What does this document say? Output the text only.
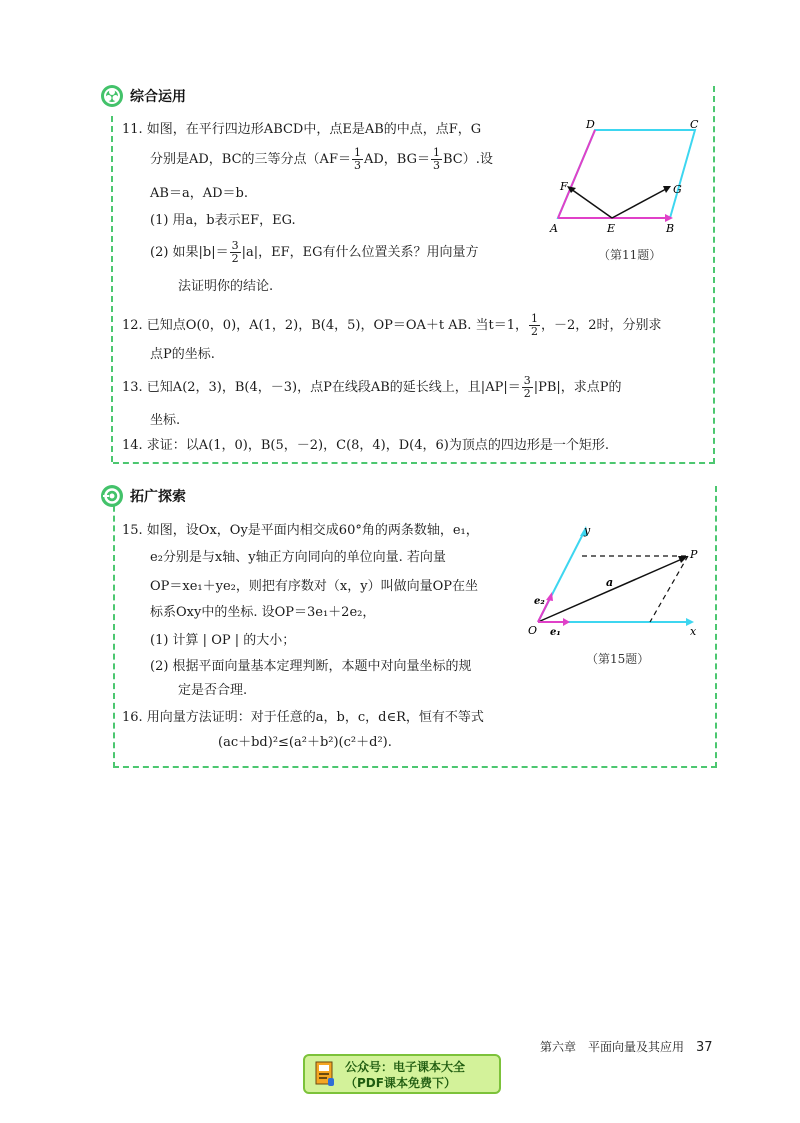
综合运用
11. 如图，在平行四边形ABCD中，点E是AB的中点，点F，G
分别是AD，BC的三等分点（$AF= \frac{1}{3}$ AD，$BG= \frac{1}{3} BC$）.设
AB＝a，AD＝b.
(1) 用a，b表示EF，EG.
(2) 如果$|b|= \frac{3}{2} |a|$，EF，EG有什么位置关系？用向量方
法证明你的结论.
D	C
F	G
A	E	B
（第11题）
12. 已知点O(0，0)，A(1，2)，B(4，5)，OP＝OA＋t AB. 当t＝1， $\frac{1}{2}$ ，－2，2时，分别求
点P的坐标.
13. 已知A(2，3)，B(4，－3)，点P在线段AB的延长线上，且$|AP|= \frac{3}{2} |PB|$，求点P的
坐标.
14. 求证：以A(1，0)，B(5，－2)，C(8，4)，D(4，6)为顶点的四边形是一个矩形.
拓广探索
15. 如图，设Ox，Oy是平面内相交成60°角的两条数轴，e₁，
e₂分别是与x轴、y轴正方向同向的单位向量. 若向量
OP＝xe₁＋ye₂，则把有序数对（x，y）叫做向量OP在坐
标系Oxy中的坐标. 设OP＝3e₁＋2e₂，
(1) 计算 | OP | 的大小；
(2) 根据平面向量基本定理判断，本题中对向量坐标的规
定是否合理.
y
P
a
e₂
O e₁	x
（第15题）
16. 用向量方法证明：对于任意的a，b，c，d∈R，恒有不等式
(ac＋bd)²≤(a²＋b²)(c²＋d²).
第六章　平面向量及其应用 37
公众号：电子课本大全
（PDF课本免费下）
